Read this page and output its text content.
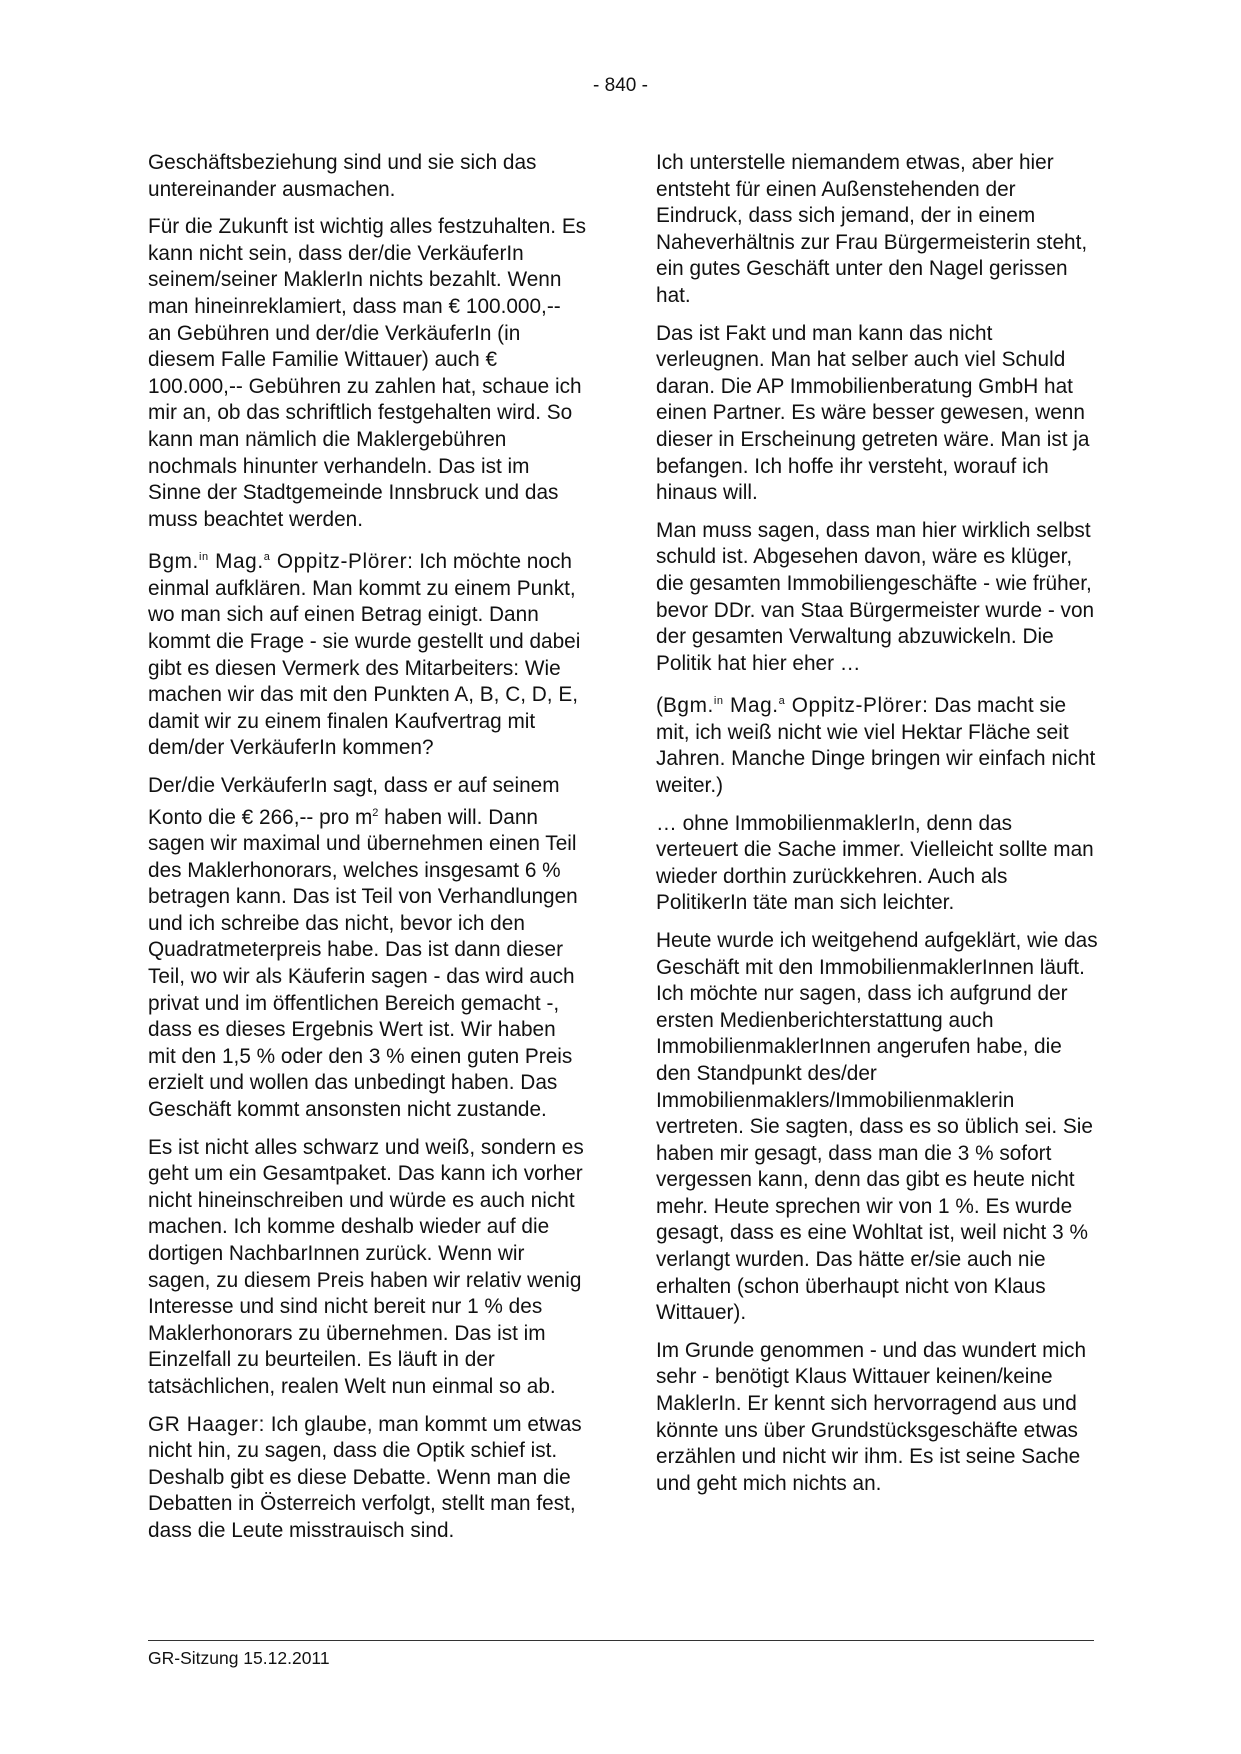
- 840 -

Geschäftsbeziehung sind und sie sich das untereinander ausmachen.

Für die Zukunft ist wichtig alles festzuhalten. Es kann nicht sein, dass der/die VerkäuferIn seinem/seiner MaklerIn nichts bezahlt. Wenn man hineinreklamiert, dass man € 100.000,-- an Gebühren und der/die VerkäuferIn (in diesem Falle Familie Wittauer) auch € 100.000,-- Gebühren zu zahlen hat, schaue ich mir an, ob das schriftlich festgehalten wird. So kann man nämlich die Maklergebühren nochmals hinunter verhandeln. Das ist im Sinne der Stadtgemeinde Innsbruck und das muss beachtet werden.

Bgm.$^{in}$ Mag.$^a$ Oppitz-Plörer: Ich möchte noch einmal aufklären. Man kommt zu einem Punkt, wo man sich auf einen Betrag einigt. Dann kommt die Frage - sie wurde gestellt und dabei gibt es diesen Vermerk des Mitarbeiters: Wie machen wir das mit den Punkten A, B, C, D, E, damit wir zu einem finalen Kaufvertrag mit dem/der VerkäuferIn kommen?

Der/die VerkäuferIn sagt, dass er auf seinem Konto die € 266,-- pro $m^2$ haben will. Dann sagen wir maximal und übernehmen einen Teil des Maklerhonorars, welches insgesamt 6 % betragen kann. Das ist Teil von Verhandlungen und ich schreibe das nicht, bevor ich den Quadratmeterpreis habe. Das ist dann dieser Teil, wo wir als Käuferin sagen - das wird auch privat und im öffentlichen Bereich gemacht -, dass es dieses Ergebnis Wert ist. Wir haben mit den 1,5 % oder den 3 % einen guten Preis erzielt und wollen das unbedingt haben. Das Geschäft kommt ansonsten nicht zustande.

Es ist nicht alles schwarz und weiß, sondern es geht um ein Gesamtpaket. Das kann ich vorher nicht hineinschreiben und würde es auch nicht machen. Ich komme deshalb wieder auf die dortigen NachbarInnen zurück. Wenn wir sagen, zu diesem Preis haben wir relativ wenig Interesse und sind nicht bereit nur 1 % des Maklerhonorars zu übernehmen. Das ist im Einzelfall zu beurteilen. Es läuft in der tatsächlichen, realen Welt nun einmal so ab.

GR Haager: Ich glaube, man kommt um etwas nicht hin, zu sagen, dass die Optik schief ist. Deshalb gibt es diese Debatte. Wenn man die Debatten in Österreich verfolgt, stellt man fest, dass die Leute misstrauisch sind.

Ich unterstelle niemandem etwas, aber hier entsteht für einen Außenstehenden der Eindruck, dass sich jemand, der in einem Naheverhältnis zur Frau Bürgermeisterin steht, ein gutes Geschäft unter den Nagel gerissen hat.

Das ist Fakt und man kann das nicht verleugnen. Man hat selber auch viel Schuld daran. Die AP Immobilienberatung GmbH hat einen Partner. Es wäre besser gewesen, wenn dieser in Erscheinung getreten wäre. Man ist ja befangen. Ich hoffe ihr versteht, worauf ich hinaus will.

Man muss sagen, dass man hier wirklich selbst schuld ist. Abgesehen davon, wäre es klüger, die gesamten Immobiliengeschäfte - wie früher, bevor DDr. van Staa Bürgermeister wurde - von der gesamten Verwaltung abzuwickeln. Die Politik hat hier eher …

(Bgm.$^{in}$ Mag.$^a$ Oppitz-Plörer: Das macht sie mit, ich weiß nicht wie viel Hektar Fläche seit Jahren. Manche Dinge bringen wir einfach nicht weiter.)

… ohne ImmobilienmaklerIn, denn das verteuert die Sache immer. Vielleicht sollte man wieder dorthin zurückkehren. Auch als PolitikerIn täte man sich leichter.

Heute wurde ich weitgehend aufgeklärt, wie das Geschäft mit den ImmobilienmaklerInnen läuft. Ich möchte nur sagen, dass ich aufgrund der ersten Medienberichterstattung auch ImmobilienmaklerInnen angerufen habe, die den Standpunkt des/der Immobilienmaklers/Immobilienmaklerin vertreten. Sie sagten, dass es so üblich sei. Sie haben mir gesagt, dass man die 3 % sofort vergessen kann, denn das gibt es heute nicht mehr. Heute sprechen wir von 1 %. Es wurde gesagt, dass es eine Wohltat ist, weil nicht 3 % verlangt wurden. Das hätte er/sie auch nie erhalten (schon überhaupt nicht von Klaus Wittauer).

Im Grunde genommen - und das wundert mich sehr - benötigt Klaus Wittauer keinen/keine MaklerIn. Er kennt sich hervorragend aus und könnte uns über Grundstücksgeschäfte etwas erzählen und nicht wir ihm. Es ist seine Sache und geht mich nichts an.

GR-Sitzung 15.12.2011
